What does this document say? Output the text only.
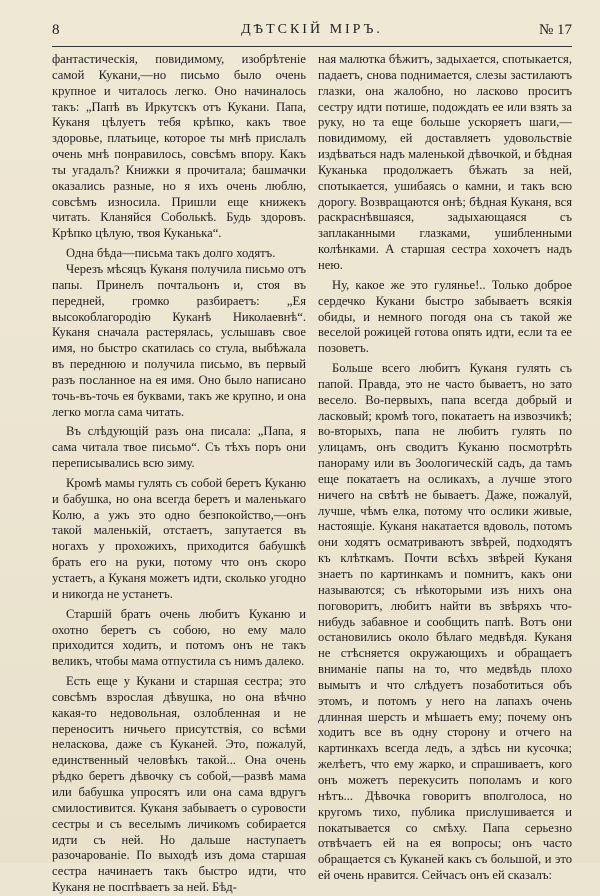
8	ДѢТСКІЙ МІРЪ.	№ 17

фантастическія, повидимому, изобрѣтеніе самой Кукани,—но письмо было очень крупное и читалось легко. Оно начиналось такъ: „Папѣ въ Иркутскъ отъ Кукани. Папа, Куканя цѣлуетъ тебя крѣпко, какъ твое здоровье, платьице, которое ты мнѣ прислалъ очень мнѣ понравилось, совсѣмъ впору. Какъ ты угадалъ? Книжки я прочитала; башмачки оказались разные, но я ихъ очень люблю, совсѣмъ износила. Пришли еще книжекъ читать. Кланяйся Соболькѣ. Будь здоровъ. Крѣпко цѣлую, твоя Куканька“.

Одна бѣда—письма такъ долго ходятъ.

Черезъ мѣсяцъ Куканя получила письмо отъ папы. Принелъ почтальонъ и, стоя въ передней, громко разбираетъ: „Ея высокоблагородію Куканѣ Николаевнѣ“. Куканя сначала растерялась, услышавъ свое имя, но быстро скатилась со стула, выбѣжала въ переднюю и получила письмо, въ первый разъ посланное на ея имя. Оно было написано точь-въ-точь ея буквами, такъ же крупно, и она легко могла сама читать.

Въ слѣдующій разъ она писала: „Папа, я сама читала твое письмо“. Съ тѣхъ поръ они переписывались всю зиму.

Кромѣ мамы гулять съ собой беретъ Куканю и бабушка, но она всегда беретъ и маленькаго Колю, а ужъ это одно безпокойство,—онъ такой маленькій, отстаетъ, запутается въ ногахъ у прохожихъ, приходится бабушкѣ брать его на руки, потому что онъ скоро устаетъ, а Куканя можетъ идти, сколько угодно и никогда не устанетъ.

Старшій братъ очень любитъ Куканю и охотно беретъ съ собою, но ему мало приходится ходить, и потомъ онъ не такъ великъ, чтобы мама отпустила съ нимъ далеко.

Есть еще у Кукани и старшая сестра; это совсѣмъ взрослая дѣвушка, но она вѣчно какая-то недовольная, озлобленная и не переноситъ ничьего присутствія, со всѣми неласкова, даже съ Куканей. Это, пожалуй, единственный человѣкъ такой... Она очень рѣдко беретъ дѣвочку съ собой,—развѣ мама или бабушка упросятъ или она сама вдругъ смилостивится. Куканя забываетъ о суровости сестры и съ веселымъ личикомъ собирается идти съ ней. Но дальше наступаетъ разочарованіе. По выходѣ изъ дома старшая сестра начинаетъ такъ быстро идти, что Куканя не поспѣваетъ за ней. Бѣд-

ная малютка бѣжитъ, задыхается, спотыкается, падаетъ, снова поднимается, слезы застилаютъ глазки, она жалобно, но ласково проситъ сестру идти потише, подождать ее или взять за руку, но та еще больше ускоряетъ шаги,—повидимому, ей доставляетъ удовольствіе издѣваться надъ маленькой дѣвочкой, и бѣдная Куканька продолжаетъ бѣжать за ней, спотыкается, ушибаясь о камни, и такъ всю дорогу. Возвращаются онѣ; бѣдная Куканя, вся раскраснѣвшаяся, задыхающаяся съ заплаканными глазками, ушибленными колѣнками. А старшая сестра хохочетъ надъ нею.

Ну, какое же это гулянье!.. Только доброе сердечко Кукани быстро забываетъ всякія обиды, и немного погодя она съ такой же веселой рожицей готова опять идти, если та ее позоветъ.

Больше всего любитъ Куканя гулять съ папой. Правда, это не часто бываетъ, но зато весело. Во-первыхъ, папа всегда добрый и ласковый; кромѣ того, покатаетъ на извозчикѣ; во-вторыхъ, папа не любитъ гулять по улицамъ, онъ сводитъ Куканю посмотрѣть панораму или въ Зоологическій садъ, да тамъ еще покатаетъ на осликахъ, а лучше этого ничего на свѣтѣ не бываетъ. Даже, пожалуй, лучше, чѣмъ елка, потому что ослики живые, настоящіе. Куканя накатается вдоволь, потомъ они ходятъ осматриваютъ звѣрей, подходятъ къ клѣткамъ. Почти всѣхъ звѣрей Куканя знаетъ по картинкамъ и помнитъ, какъ они называются; съ нѣкоторыми изъ нихъ она поговоритъ, любитъ найти въ звѣряхъ что-нибудь забавное и сообщить папѣ. Вотъ они остановились около бѣлаго медвѣдя. Куканя не стѣсняется окружающихъ и обращаетъ вниманіе папы на то, что медвѣдь плохо вымытъ и что слѣдуетъ позаботиться объ этомъ, и потомъ у него на лапахъ очень длинная шерсть и мѣшаетъ ему; почему онъ ходитъ все въ одну сторону и отчего на картинкахъ всегда ледъ, а здѣсь ни кусочка; желѣетъ, что ему жарко, и спрашиваетъ, кого онъ можетъ перекусить пополамъ и кого нѣтъ... Дѣвочка говоритъ вполголоса, но кругомъ тихо, публика прислушивается и покатывается со смѣху. Папа серьезно отвѣчаетъ ей на ея вопросы; онъ часто обращается съ Куканей какъ съ большой, и это ей очень нравится. Сейчасъ онъ ей сказалъ:
